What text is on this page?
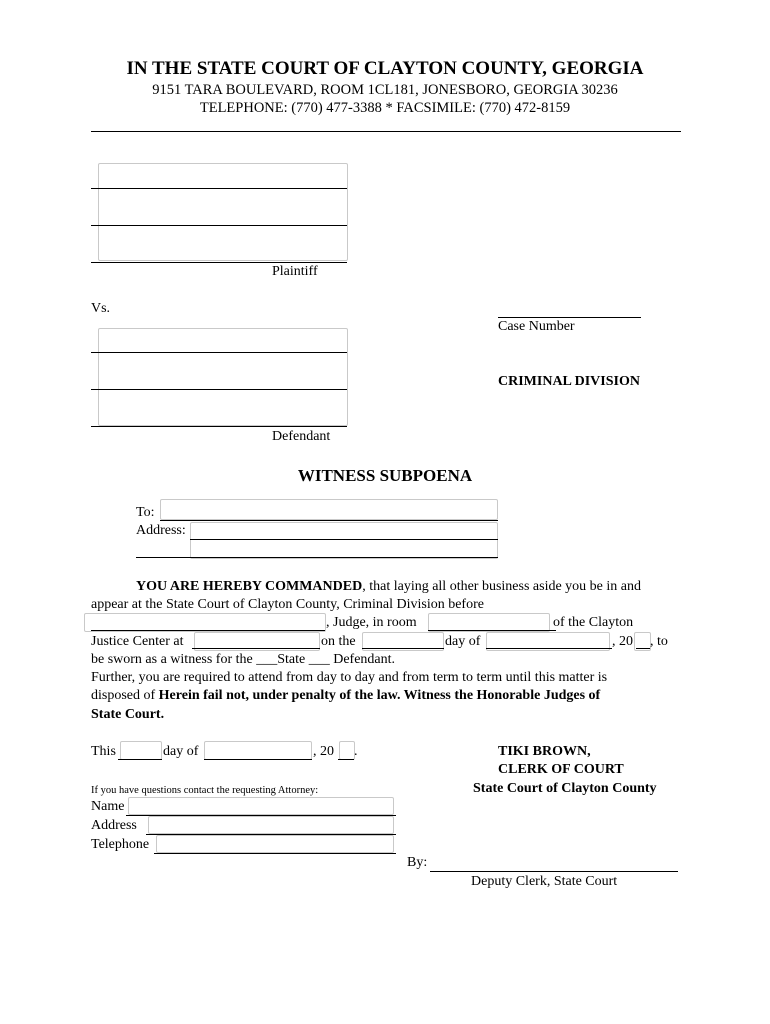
IN THE STATE COURT OF CLAYTON COUNTY, GEORGIA
9151 TARA BOULEVARD, ROOM 1CL181, JONESBORO, GEORGIA 30236
TELEPHONE: (770) 477-3388 * FACSIMILE: (770) 472-8159
Plaintiff
Vs.
Case Number
Defendant
CRIMINAL DIVISION
WITNESS SUBPOENA
To:
Address:
YOU ARE HEREBY COMMANDED, that laying all other business aside you be in and
appear at the State Court of Clayton County, Criminal Division before
, Judge, in room	of the Clayton
Justice Center at	on the	day of	, 20 , to
be sworn as a witness for the ___State ___ Defendant.
Further, you are required to attend from day to day and from term to term until this matter is
disposed of Herein fail not, under penalty of the law. Witness the Honorable Judges of
State Court.
This	day of	, 20 .	TIKI BROWN,
CLERK OF COURT
State Court of Clayton County
If you have questions contact the requesting Attorney:
Name
Address
Telephone
By:
Deputy Clerk, State Court
